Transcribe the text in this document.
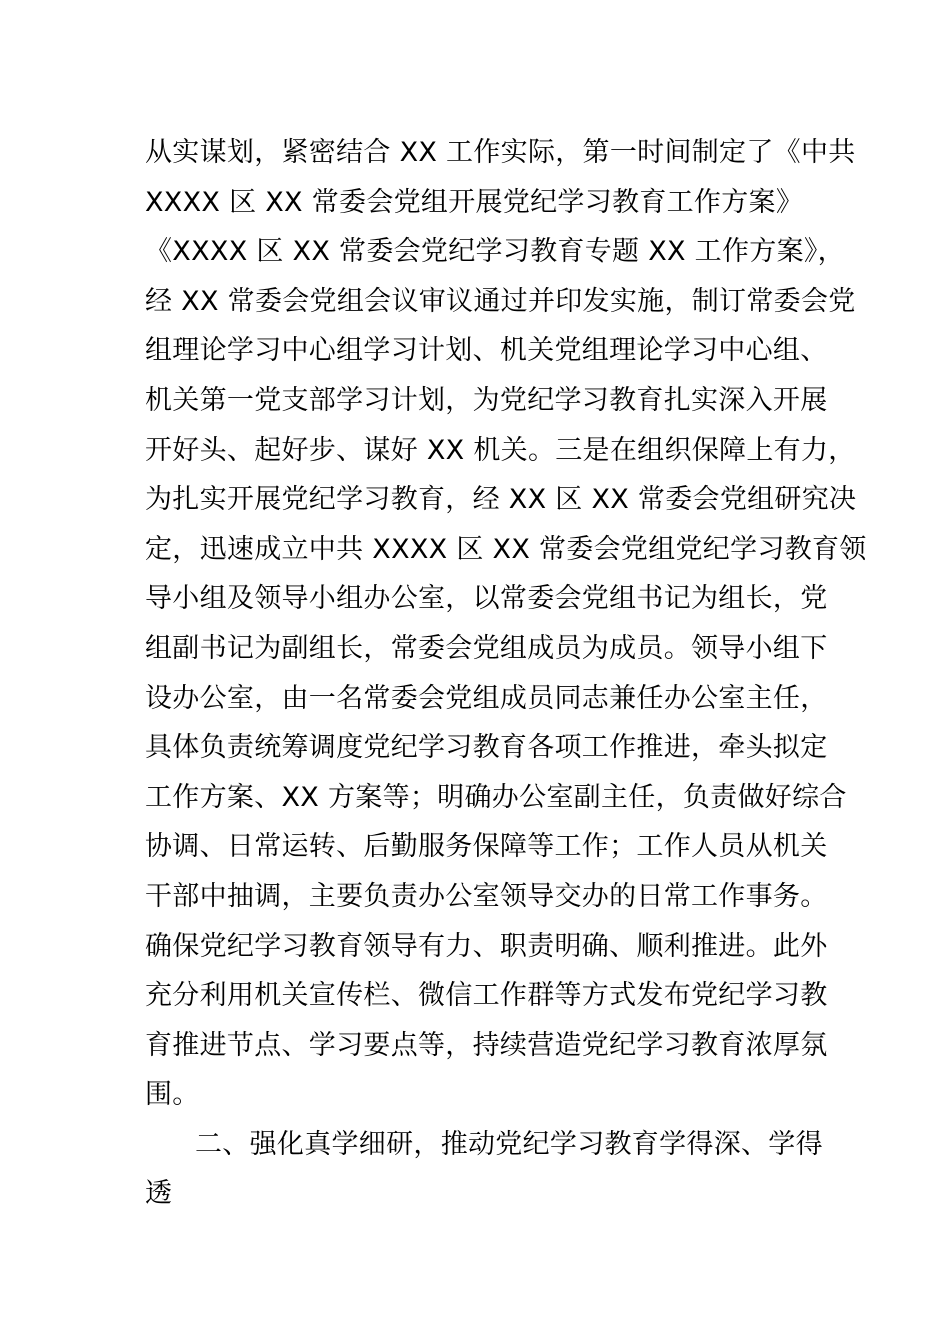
从实谋划，紧密结合 XX 工作实际，第一时间制定了《中共
XXXX 区 XX 常委会党组开展党纪学习教育工作方案》
《XXXX 区 XX 常委会党纪学习教育专题 XX 工作方案》，
经 XX 常委会党组会议审议通过并印发实施，制订常委会党
组理论学习中心组学习计划、机关党组理论学习中心组、
机关第一党支部学习计划，为党纪学习教育扎实深入开展
开好头、起好步、谋好 XX 机关。三是在组织保障上有力，
为扎实开展党纪学习教育，经 XX 区 XX 常委会党组研究决
定，迅速成立中共 XXXX 区 XX 常委会党组党纪学习教育领
导小组及领导小组办公室，以常委会党组书记为组长，党
组副书记为副组长，常委会党组成员为成员。领导小组下
设办公室，由一名常委会党组成员同志兼任办公室主任，
具体负责统筹调度党纪学习教育各项工作推进，牵头拟定
工作方案、XX 方案等；明确办公室副主任，负责做好综合
协调、日常运转、后勤服务保障等工作；工作人员从机关
干部中抽调，主要负责办公室领导交办的日常工作事务。
确保党纪学习教育领导有力、职责明确、顺利推进。此外
充分利用机关宣传栏、微信工作群等方式发布党纪学习教
育推进节点、学习要点等，持续营造党纪学习教育浓厚氛
围。
二、强化真学细研，推动党纪学习教育学得深、学得
透
